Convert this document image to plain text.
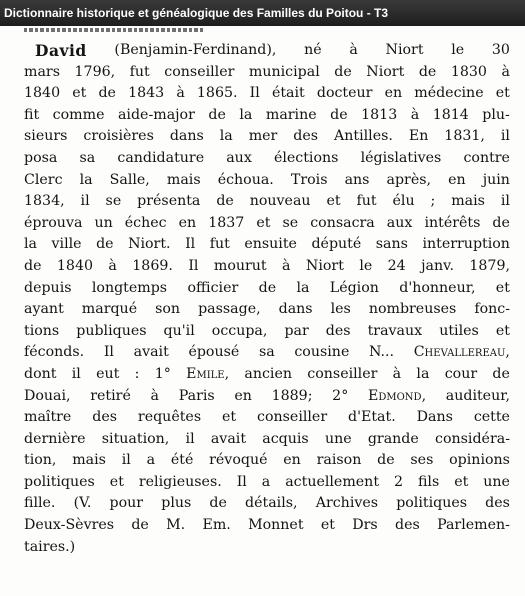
Dictionnaire historique et généalogique des Familles du Poitou - T3
David (Benjamin-Ferdinand), né à Niort le 30
mars 1796, fut conseiller municipal de Niort de 1830 à
1840 et de 1843 à 1865. Il était docteur en médecine et
fit comme aide-major de la marine de 1813 à 1814 plu-
sieurs croisières dans la mer des Antilles. En 1831, il
posa sa candidature aux élections législatives contre
Clerc la Salle, mais échoua. Trois ans après, en juin
1834, il se présenta de nouveau et fut élu ; mais il
éprouva un échec en 1837 et se consacra aux intérêts de
la ville de Niort. Il fut ensuite député sans interruption
de 1840 à 1869. Il mourut à Niort le 24 janv. 1879,
depuis longtemps officier de la Légion d'honneur, et
ayant marqué son passage, dans les nombreuses fonc-
tions publiques qu'il occupa, par des travaux utiles et
féconds. Il avait épousé sa cousine N... Chevallereau,
dont il eut : 1° Emile, ancien conseiller à la cour de
Douai, retiré à Paris en 1889; 2° Edmond, auditeur,
maître des requêtes et conseiller d'Etat. Dans cette
dernière situation, il avait acquis une grande considéra-
tion, mais il a été révoqué en raison de ses opinions
politiques et religieuses. Il a actuellement 2 fils et une
fille. (V. pour plus de détails, Archives politiques des
Deux-Sèvres de M. Em. Monnet et Drs des Parlemen-
taires.)
